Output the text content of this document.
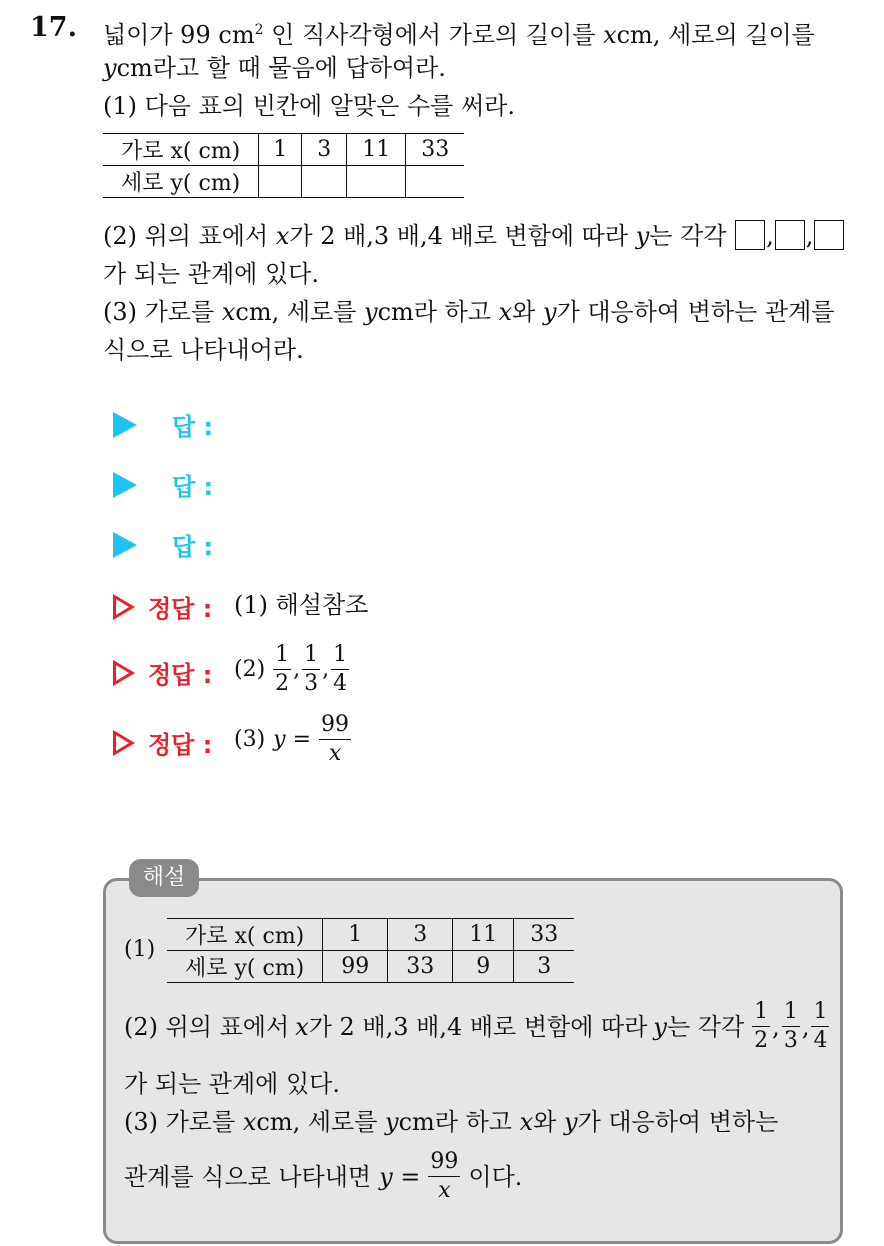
17. 넓이가 99 $cm^2$ 인 직사각형에서 가로의 길이를 xcm, 세로의 길이를
ycm라고 할 때 물음에 답하여라.
(1) 다음 표의 빈칸에 알맞은 수를 써라.
가로 x( cm)	1	3	11	33
세로 y( cm)				
(2) 위의 표에서 x가 2 배,3 배,4 배로 변함에 따라 y는 각각 , ,
가 되는 관계에 있다.
(3) 가로를 xcm, 세로를 ycm라 하고 x와 y가 대응하여 변하는 관계를
식으로 나타내어라.
답 :
답 :
답 :
정답 : (1) 해설참조
정답 : $(2) \frac{1}{2}$ , $\frac{1}{3}$ , $\frac{1}{4}$
정답 : (3) $y = \frac{99}{x}$
해설
(1)
가로 x( cm)	1	3	11	33
세로 y( cm)	99	33	9	3
(2) 위의 표에서 x 가 2 배,3 배,4 배로 변함에 따라 y 는 각각 $\frac{1}{2}$ , $\frac{1}{3}$ , $\frac{1}{4}$
가 되는 관계에 있다.
(3) 가로를 xcm, 세로를 ycm라 하고 x와 y가 대응하여 변하는
관계를 식으로 나타내면 $y = \frac{99}{x}$ 이다.
